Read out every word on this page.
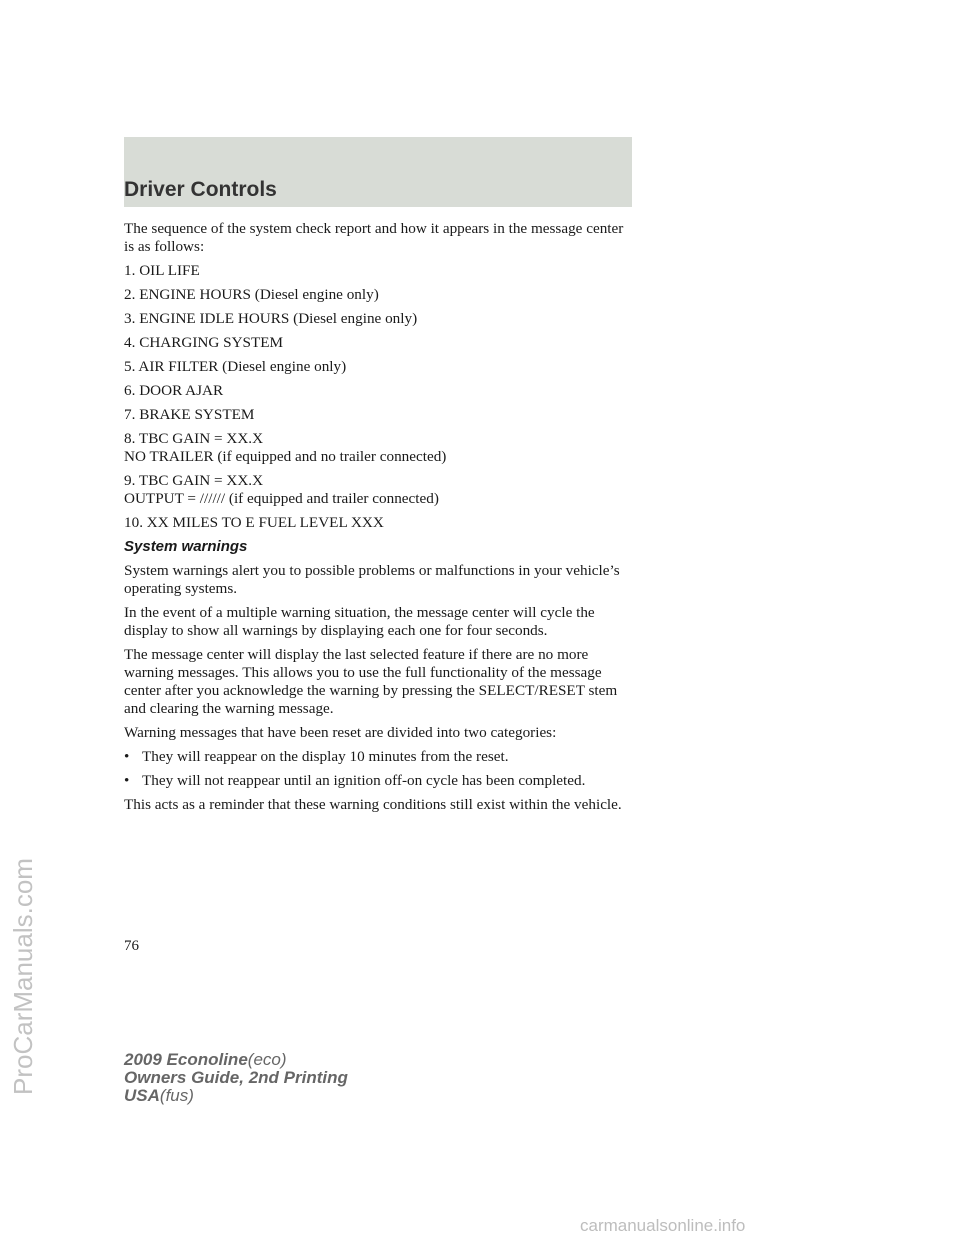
Driver Controls

The sequence of the system check report and how it appears in the message center is as follows:

1. OIL LIFE

2. ENGINE HOURS (Diesel engine only)

3. ENGINE IDLE HOURS (Diesel engine only)

4. CHARGING SYSTEM

5. AIR FILTER (Diesel engine only)

6. DOOR AJAR

7. BRAKE SYSTEM

8. TBC GAIN = XX.X
NO TRAILER (if equipped and no trailer connected)

9. TBC GAIN = XX.X
OUTPUT = ////// (if equipped and trailer connected)

10. XX MILES TO E FUEL LEVEL XXX

System warnings

System warnings alert you to possible problems or malfunctions in your vehicle’s operating systems.

In the event of a multiple warning situation, the message center will cycle the display to show all warnings by displaying each one for four seconds.

The message center will display the last selected feature if there are no more warning messages. This allows you to use the full functionality of the message center after you acknowledge the warning by pressing the SELECT/RESET stem and clearing the warning message.

Warning messages that have been reset are divided into two categories:

• They will reappear on the display 10 minutes from the reset.
• They will not reappear until an ignition off-on cycle has been completed.

This acts as a reminder that these warning conditions still exist within the vehicle.

76
2009 Econoline(eco)
Owners Guide, 2nd Printing
USA(fus)
ProCarManuals.com
carmanualsonline.info
